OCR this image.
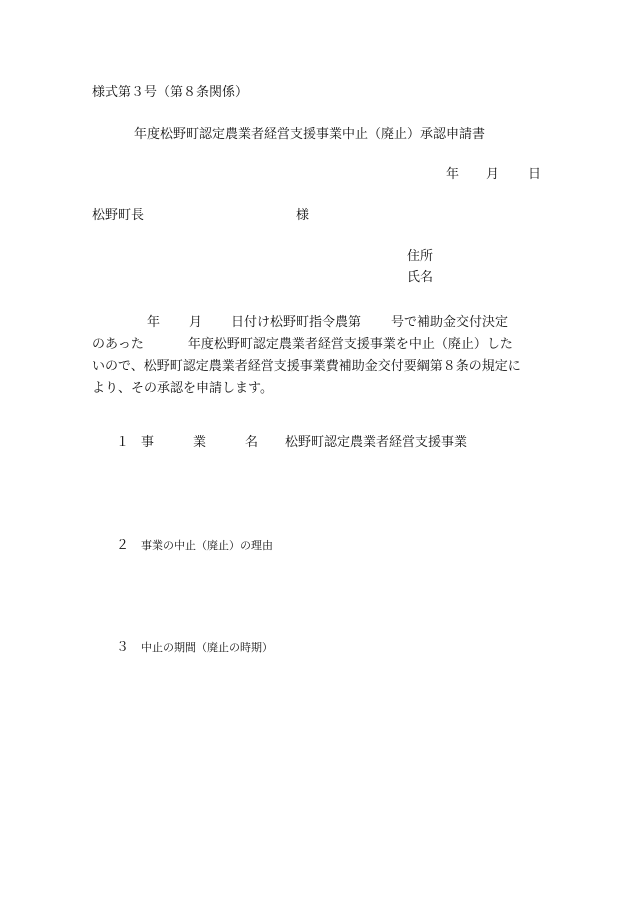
様式第３号（第８条関係）
年度松野町認定農業者経営支援事業中止（廃止）承認申請書
年 月 日
松野町長	様
住所
氏名
年 月 日付け松野町指令農第 号で補助金交付決定
のあった	年度松野町認定農業者経営支援事業を中止（廃止）した
いので、松野町認定農業者経営支援事業費補助金交付要綱第８条の規定に
より、その承認を申請します。
１ 事	業	名 松野町認定農業者経営支援事業
２ 事業の中止（廃止）の理由
３ 中止の期間（廃止の時期）
